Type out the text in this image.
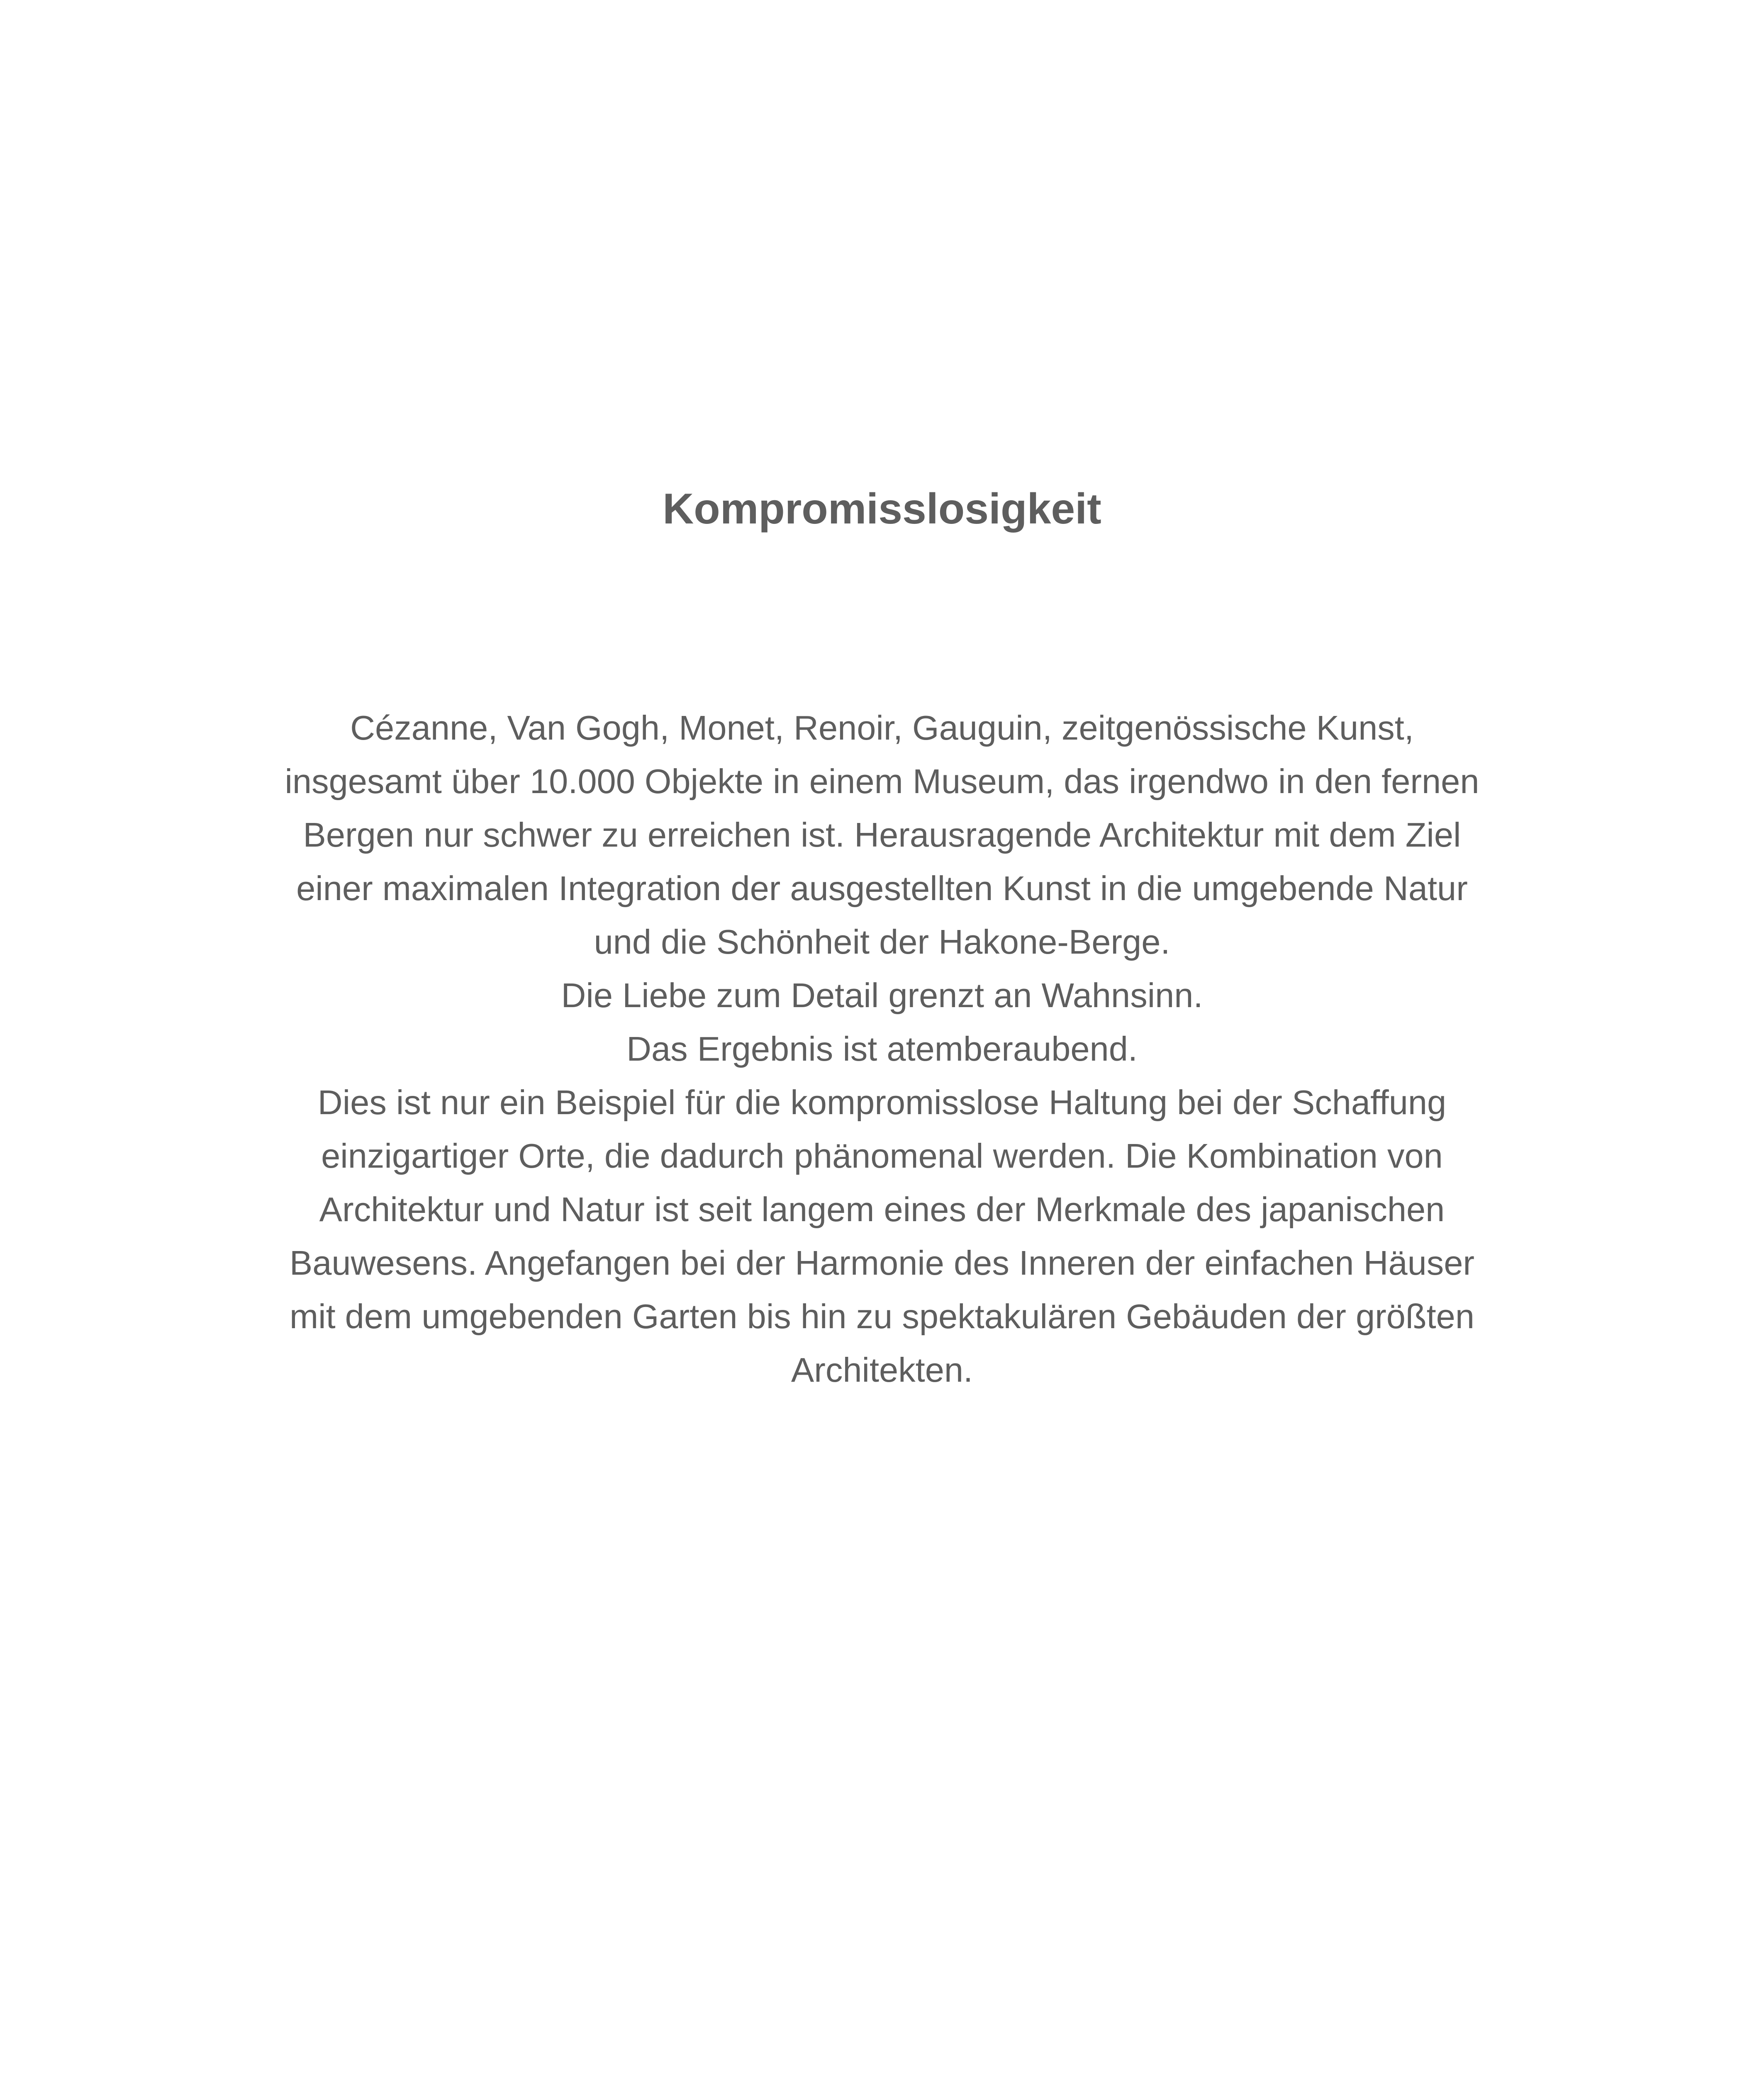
Kompromisslosigkeit
Cézanne, Van Gogh, Monet, Renoir, Gauguin, zeitgenössische Kunst,
insgesamt über 10.000 Objekte in einem Museum, das irgendwo in den fernen
Bergen nur schwer zu erreichen ist. Herausragende Architektur mit dem Ziel
einer maximalen Integration der ausgestellten Kunst in die umgebende Natur
und die Schönheit der Hakone-Berge.
Die Liebe zum Detail grenzt an Wahnsinn.
Das Ergebnis ist atemberaubend.
Dies ist nur ein Beispiel für die kompromisslose Haltung bei der Schaffung
einzigartiger Orte, die dadurch phänomenal werden. Die Kombination von
Architektur und Natur ist seit langem eines der Merkmale des japanischen
Bauwesens. Angefangen bei der Harmonie des Inneren der einfachen Häuser
mit dem umgebenden Garten bis hin zu spektakulären Gebäuden der größten
Architekten.
